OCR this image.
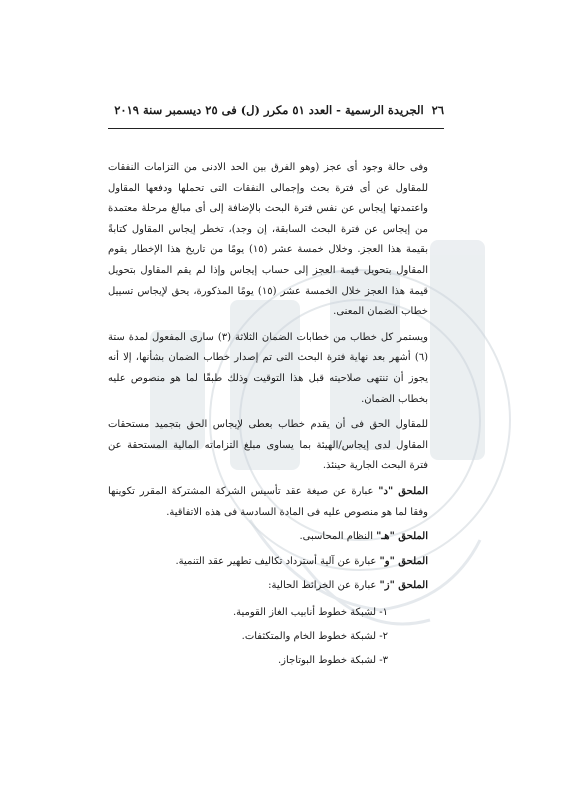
٢٦
الجريدة الرسمية - العدد ٥١ مكرر (ل) فى ٢٥ ديسمبر سنة ٢٠١٩

وفى حالة وجود أى عجز (وهو الفرق بين الحد الادنى من التزامات النفقات للمقاول عن أى فترة بحث وإجمالى النفقات التى تحملها ودفعها المقاول واعتمدتها إيجاس عن نفس فترة البحث بالإضافة إلى أى مبالغ مرحلة معتمدة من إيجاس عن فترة البحث السابقة، إن وجد)، تخطر إيجاس المقاول كتابةً بقيمة هذا العجز. وخلال خمسة عشر (١٥) يومًا من تاريخ هذا الإخطار يقوم المقاول بتحويل قيمة العجز إلى حساب إيجاس وإذا لم يقم المقاول بتحويل قيمة هذا العجز خلال الخمسة عشر (١٥) يومًا المذكورة، يحق لإيجاس تسييل خطاب الضمان المعنى.

ويستمر كل خطاب من خطابات الضمان الثلاثة (٣) سارى المفعول لمدة ستة (٦) أشهر بعد نهاية فترة البحث التى تم إصدار خطاب الضمان بشأنها، إلا أنه يجوز أن تنتهى صلاحيته قبل هذا التوقيت وذلك طبقًا لما هو منصوص عليه بخطاب الضمان.

للمقاول الحق فى أن يقدم خطاب بعطى لإيجاس الحق بتجميد مستحقات المقاول لدى إيجاس/الهيئة بما يساوى مبلغ التزاماته المالية المستحقة عن فترة البحث الجارية حينئذ.

الملحق "د" عبارة عن صيغة عقد تأسيس الشركة المشتركة المقرر تكوينها وفقا لما هو منصوص عليه فى المادة السادسة فى هذه الاتفاقية.

الملحق "هـ" النظام المحاسبى.

الملحق "و" عبارة عن آلية أسترداد تكاليف تطهير عقد التنمية.

الملحق "ز" عبارة عن الخرائط الحالية:

١- لشبكة خطوط أنابيب الغاز القومية.
٢- لشبكة خطوط الخام والمتكثفات.
٣- لشبكة خطوط البوتاجاز.
